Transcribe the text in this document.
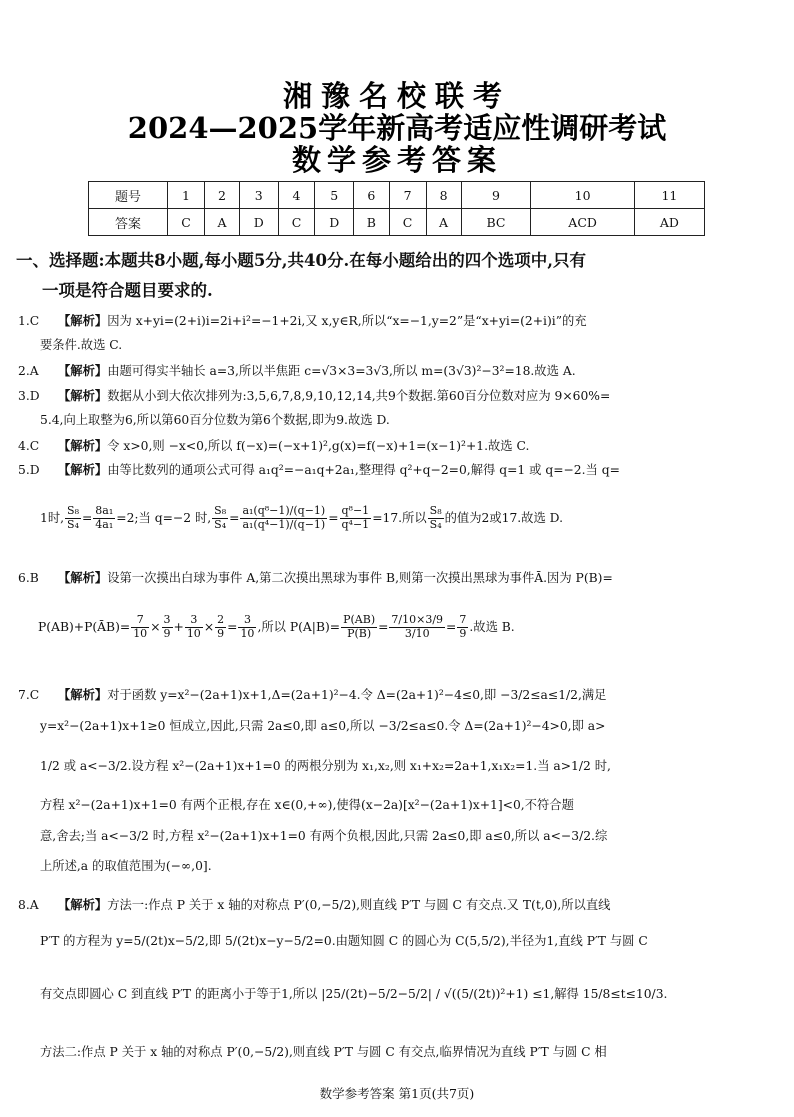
湘豫名校联考
2024—2025学年新高考适应性调研考试
数学参考答案
题号	1	2	3	4	5	6	7	8	9	10	11
答案	C	A	D	C	D	B	C	A	BC	ACD	AD
一、选择题:本题共8小题,每小题5分,共40分.在每小题给出的四个选项中,只有
一项是符合题目要求的.
1.C 【解析】因为 x+yi=(2+i)i=2i+i²=−1+2i,又 x,y∈R,所以“x=−1,y=2”是“x+yi=(2+i)i”的充
要条件.故选 C.
2.A 【解析】由题可得实半轴长 a=3,所以半焦距 c=√3×3=3√3,所以 m=(3√3)²−3²=18.故选 A.
3.D 【解析】数据从小到大依次排列为:3,5,6,7,8,9,10,12,14,共9个数据.第60百分位数对应为 9×60%=
5.4,向上取整为6,所以第60百分位数为第6个数据,即为9.故选 D.
4.C 【解析】令 x>0,则 −x<0,所以 f(−x)=(−x+1)²,g(x)=f(−x)+1=(x−1)²+1.故选 C.
5.D 【解析】由等比数列的通项公式可得 a₁q²=−a₁q+2a₁,整理得 q²+q−2=0,解得 q=1 或 q=−2.当 q=
1时, $\frac{\text{S₈}}{\text{S₄}} = \frac{\text{8a₁}}{\text{4a₁}} =2$;当 q=−2 时, $\frac{\text{S₈}}{\text{S₄}} = \frac{\text{a₁(q⁸−1)/(q−1)}}{\text{a₁(q⁴−1)/(q−1)}} = \frac{\text{q⁸−1}}{\text{q⁴−1}} =17$.所以 $\frac{\text{S₈}}{\text{S₄}}$ 的值为2或17.故选 D.
6.B 【解析】设第一次摸出白球为事件 A,第二次摸出黑球为事件 B,则第一次摸出黑球为事件Ā.因为 P(B)=
P(AB)+P(ĀB)= $\frac{7}{10} \times \frac{3}{9} + \frac{3}{10} \times \frac{2}{9} = \frac{3}{10}$ ,所以 $P(A|B)= \frac{P(AB)}{P(B)} = \frac{7/10\times 3/9}{3/10} = \frac{7}{9}$ .故选 B.
7.C 【解析】对于函数 y=x²−(2a+1)x+1,Δ=(2a+1)²−4.令 Δ=(2a+1)²−4≤0,即 −3/2≤a≤1/2,满足
y=x²−(2a+1)x+1≥0 恒成立,因此,只需 2a≤0,即 a≤0,所以 −3/2≤a≤0.令 Δ=(2a+1)²−4>0,即 a>
1/2 或 a<−3/2.设方程 x²−(2a+1)x+1=0 的两根分别为 x₁,x₂,则 x₁+x₂=2a+1,x₁x₂=1.当 a>1/2 时,
方程 x²−(2a+1)x+1=0 有两个正根,存在 x∈(0,+∞),使得(x−2a)[x²−(2a+1)x+1]<0,不符合题
意,舍去;当 a<−3/2 时,方程 x²−(2a+1)x+1=0 有两个负根,因此,只需 2a≤0,即 a≤0,所以 a<−3/2.综
上所述,a 的取值范围为(−∞,0].
8.A 【解析】方法一:作点 P 关于 x 轴的对称点 P′(0,−5/2),则直线 P′T 与圆 C 有交点.又 T(t,0),所以直线
P′T 的方程为 y=5/(2t)x−5/2,即 5/(2t)x−y−5/2=0.由题知圆 C 的圆心为 C(5,5/2),半径为1,直线 P′T 与圆 C
有交点即圆心 C 到直线 P′T 的距离小于等于1,所以 |25/(2t)−5/2−5/2| / √((5/(2t))²+1) ≤1,解得 15/8≤t≤10/3.
方法二:作点 P 关于 x 轴的对称点 P′(0,−5/2),则直线 P′T 与圆 C 有交点,临界情况为直线 P′T 与圆 C 相
数学参考答案 第1页(共7页)
